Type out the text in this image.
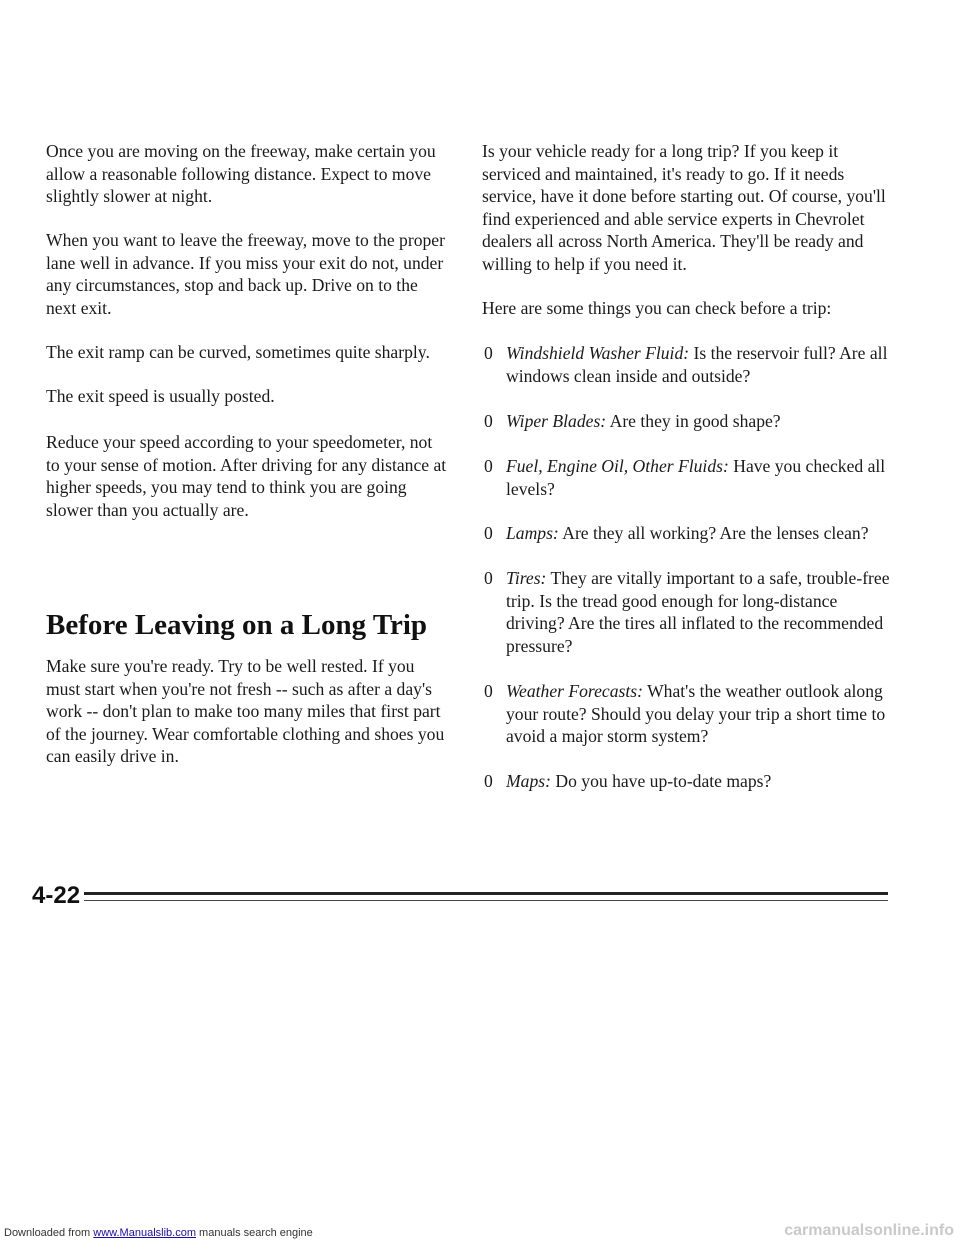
Once you are moving on the freeway, make certain you allow a reasonable following distance. Expect to move slightly slower at night.

When you want to leave the freeway, move to the proper lane well in advance. If you miss your exit do not, under any circumstances, stop and back up. Drive on to the next exit.

The exit ramp can be curved, sometimes quite sharply.

The exit speed is usually posted.

Reduce your speed according to your speedometer, not to your sense of motion. After driving for any distance at higher speeds, you may tend to think you are going slower than you actually are.

Before Leaving on a Long Trip

Make sure you're ready. Try to be well rested. If you must start when you're not fresh -- such as after a day's work -- don't plan to make too many miles that first part of the journey. Wear comfortable clothing and shoes you can easily drive in.

Is your vehicle ready for a long trip? If you keep it serviced and maintained, it's ready to go. If it needs service, have it done before starting out. Of course, you'll find experienced and able service experts in Chevrolet dealers all across North America. They'll be ready and willing to help if you need it.

Here are some things you can check before a trip:

0 Windshield Washer Fluid: Is the reservoir full? Are all windows clean inside and outside?
0 Wiper Blades: Are they in good shape?
0 Fuel, Engine Oil, Other Fluids: Have you checked all levels?
0 Lamps: Are they all working? Are the lenses clean?
0 Tires: They are vitally important to a safe, trouble-free trip. Is the tread good enough for long-distance driving? Are the tires all inflated to the recommended pressure?
0 Weather Forecasts: What's the weather outlook along your route? Should you delay your trip a short time to avoid a major storm system?
0 Maps: Do you have up-to-date maps?

4-22

Downloaded from www.Manualslib.com manuals search engine	carmanualsonline.info
